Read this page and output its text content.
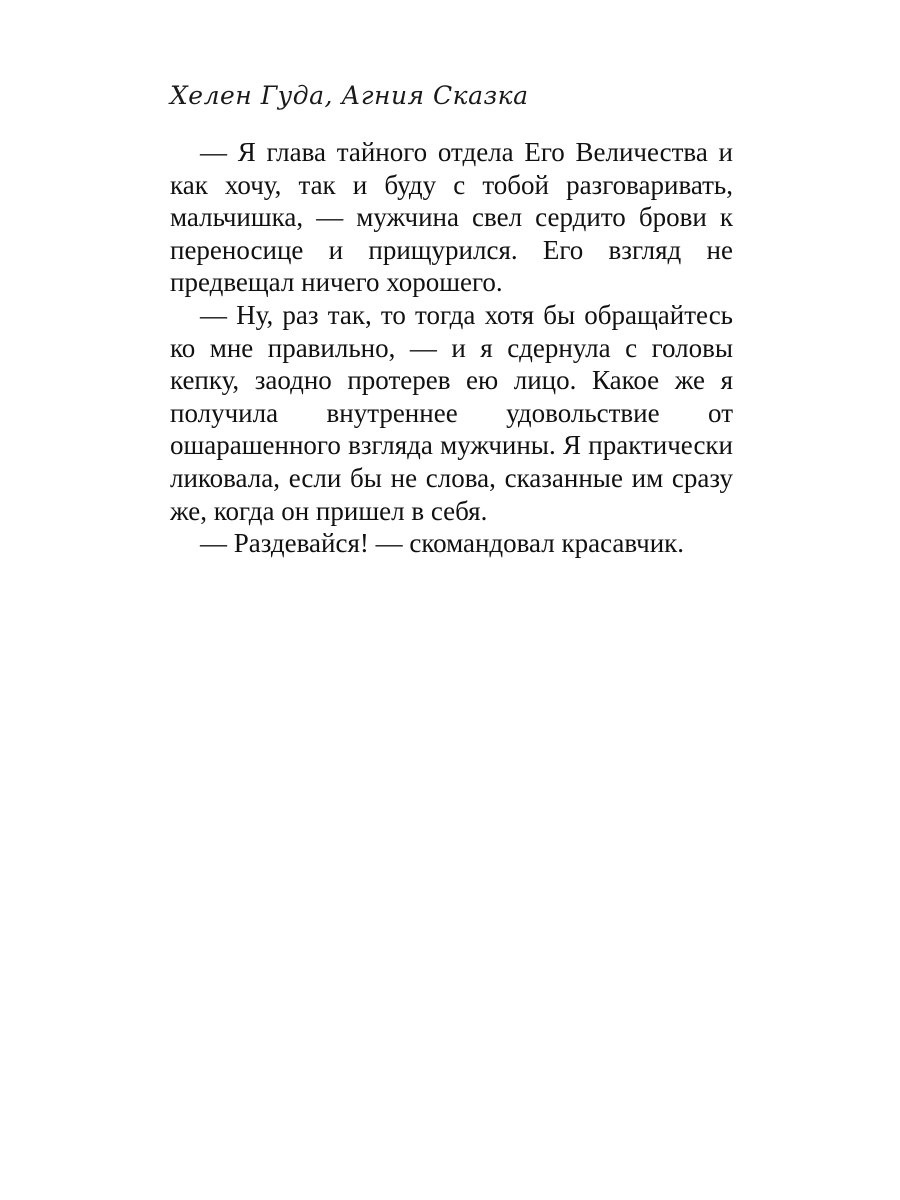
Хелен Гуда, Агния Сказка

— Я глава тайного отдела Его Величества и как хочу, так и буду с тобой разговаривать, мальчишка, — мужчина свел сердито брови к переносице и прищурился. Его взгляд не предвещал ничего хорошего.

— Ну, раз так, то тогда хотя бы обращайтесь ко мне правильно, — и я сдернула с головы кепку, заодно протерев ею лицо. Какое же я получила внутреннее удовольствие от ошарашенного взгляда мужчины. Я практически ликовала, если бы не слова, сказанные им сразу же, когда он пришел в себя.

— Раздевайся! — скомандовал красавчик.
